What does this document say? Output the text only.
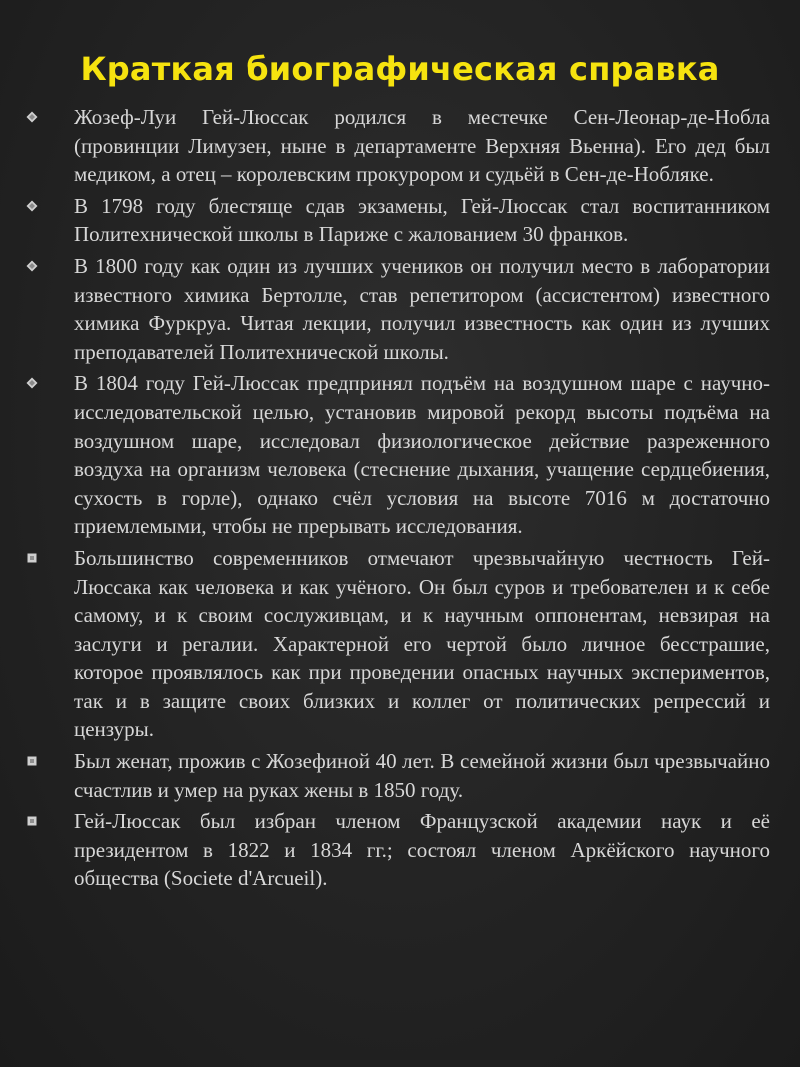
Краткая биографическая справка
Жозеф-Луи Гей-Люссак родился в местечке Сен-Леонар-де-Нобла (провинции Лимузен, ныне в департаменте Верхняя Вьенна). Его дед был медиком, а отец – королевским прокурором и судьёй в Сен-де-Нобляке.
В 1798 году блестяще сдав экзамены, Гей-Люссак стал воспитанником Политехнической школы в Париже с жалованием 30 франков.
В 1800 году как один из лучших учеников он получил место в лаборатории известного химика Бертолле, став репетитором (ассистентом) известного химика Фуркруа. Читая лекции, получил известность как один из лучших преподавателей Политехнической школы.
В 1804 году Гей-Люссак предпринял подъём на воздушном шаре с научно-исследовательской целью, установив мировой рекорд высоты подъёма на воздушном шаре, исследовал физиологическое действие разреженного воздуха на организм человека (стеснение дыхания, учащение сердцебиения, сухость в горле), однако счёл условия на высоте 7016 м достаточно приемлемыми, чтобы не прерывать исследования.
Большинство современников отмечают чрезвычайную честность Гей-Люссака как человека и как учёного. Он был суров и требователен и к себе самому, и к своим сослуживцам, и к научным оппонентам, невзирая на заслуги и регалии. Характерной его чертой было личное бесстрашие, которое проявлялось как при проведении опасных научных экспериментов, так и в защите своих близких и коллег от политических репрессий и цензуры.
Был женат, прожив с Жозефиной 40 лет. В семейной жизни был чрезвычайно счастлив и умер на руках жены в 1850 году.
Гей-Люссак был избран членом Французской академии наук и её президентом в 1822 и 1834 гг.; состоял членом Аркёйского научного общества (Societe d'Arcueil).
